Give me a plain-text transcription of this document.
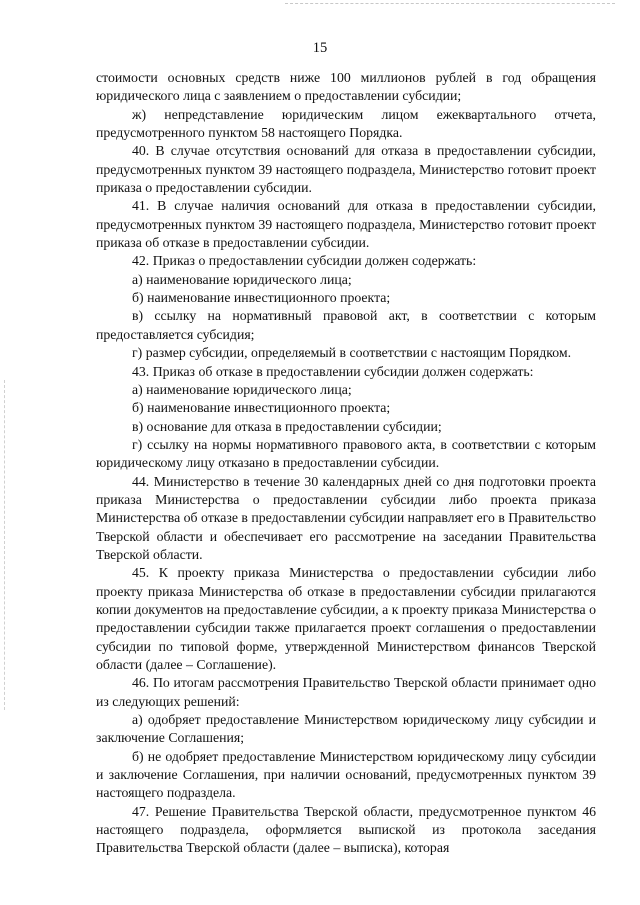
15

стоимости основных средств ниже 100 миллионов рублей в год обращения юридического лица с заявлением о предоставлении субсидии;

ж) непредставление юридическим лицом ежеквартального отчета, предусмотренного пунктом 58 настоящего Порядка.

40. В случае отсутствия оснований для отказа в предоставлении субсидии, предусмотренных пунктом 39 настоящего подраздела, Министерство готовит проект приказа о предоставлении субсидии.

41. В случае наличия оснований для отказа в предоставлении субсидии, предусмотренных пунктом 39 настоящего подраздела, Министерство готовит проект приказа об отказе в предоставлении субсидии.

42. Приказ о предоставлении субсидии должен содержать:

а) наименование юридического лица;

б) наименование инвестиционного проекта;

в) ссылку на нормативный правовой акт, в соответствии с которым предоставляется субсидия;

г) размер субсидии, определяемый в соответствии с настоящим Порядком.

43. Приказ об отказе в предоставлении субсидии должен содержать:

а) наименование юридического лица;

б) наименование инвестиционного проекта;

в) основание для отказа в предоставлении субсидии;

г) ссылку на нормы нормативного правового акта, в соответствии с которым юридическому лицу отказано в предоставлении субсидии.

44. Министерство в течение 30 календарных дней со дня подготовки проекта приказа Министерства о предоставлении субсидии либо проекта приказа Министерства об отказе в предоставлении субсидии направляет его в Правительство Тверской области и обеспечивает его рассмотрение на заседании Правительства Тверской области.

45. К проекту приказа Министерства о предоставлении субсидии либо проекту приказа Министерства об отказе в предоставлении субсидии прилагаются копии документов на предоставление субсидии, а к проекту приказа Министерства о предоставлении субсидии также прилагается проект соглашения о предоставлении субсидии по типовой форме, утвержденной Министерством финансов Тверской области (далее – Соглашение).

46. По итогам рассмотрения Правительство Тверской области принимает одно из следующих решений:

а) одобряет предоставление Министерством юридическому лицу субсидии и заключение Соглашения;

б) не одобряет предоставление Министерством юридическому лицу субсидии и заключение Соглашения, при наличии оснований, предусмотренных пунктом 39 настоящего подраздела.

47. Решение Правительства Тверской области, предусмотренное пунктом 46 настоящего подраздела, оформляется выпиской из протокола заседания Правительства Тверской области (далее – выписка), которая
